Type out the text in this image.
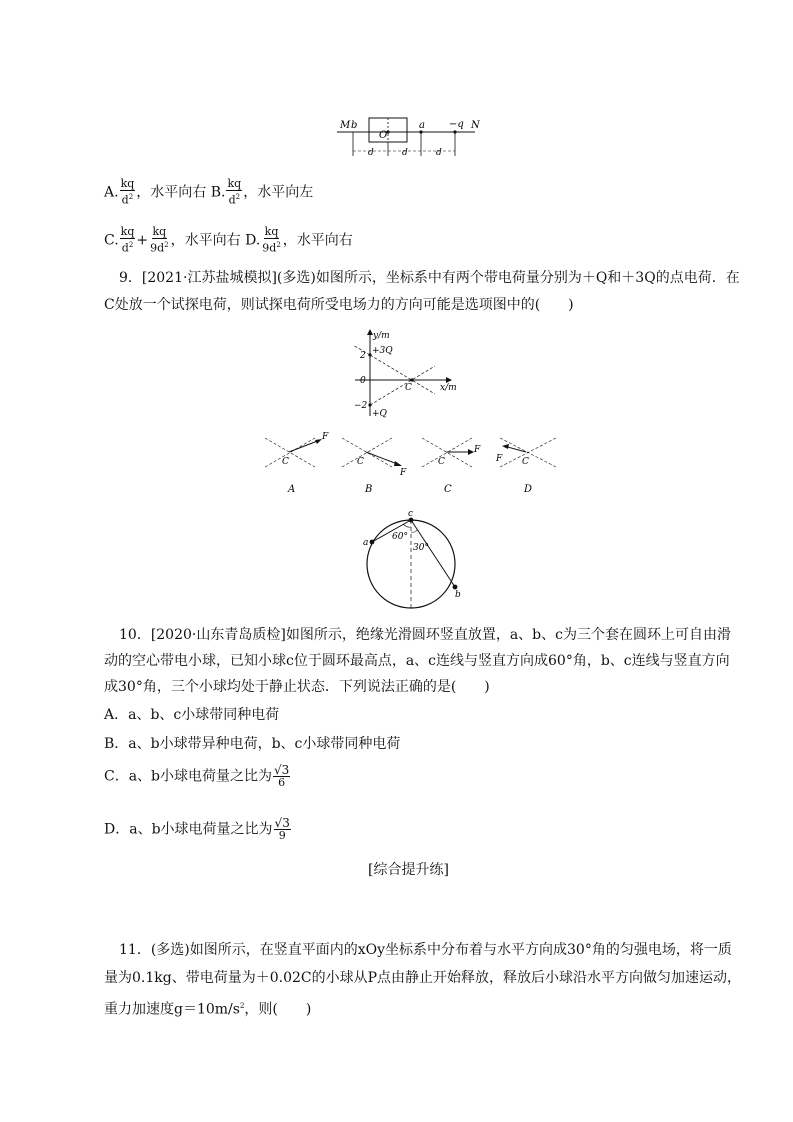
M b
O
a −q N
d	d	d
A. $\frac{kq}{d^2}$ ，水平向右 B. $\frac{kq}{d^2}$ ，水平向左
C. $\frac{kq}{d^2} + \frac{kq}{9d^2}$ ，水平向右 D. $\frac{kq}{9d^2}$ ，水平向右
9．[2021·江苏盐城模拟](多选)如图所示，坐标系中有两个带电荷量分别为＋Q和＋3Q的点电荷．在
C处放一个试探电荷，则试探电荷所受电场力的方向可能是选项图中的(　　)
y/m
x/m
2
−2
0
+3Q
+Q
C
F
C
A
F
C
B
F
C
C
F C
D
c
a
b
60°
30°
10．[2020·山东青岛质检]如图所示，绝缘光滑圆环竖直放置，a、b、c为三个套在圆环上可自由滑
动的空心带电小球，已知小球c位于圆环最高点，a、c连线与竖直方向成60°角，b、c连线与竖直方向
成30°角，三个小球均处于静止状态．下列说法正确的是(　　)
A．a、b、c小球带同种电荷
B．a、b小球带异种电荷，b、c小球带同种电荷
C．a、b小球电荷量之比为 $\frac{√3}{6}$
D．a、b小球电荷量之比为 $\frac{√3}{9}$
[综合提升练]
11．(多选)如图所示，在竖直平面内的xOy坐标系中分布着与水平方向成30°角的匀强电场，将一质
量为0.1kg、带电荷量为＋0.02C的小球从P点由静止开始释放，释放后小球沿水平方向做匀加速运动，
重力加速度$g=10m/s^2$，则(　　)
